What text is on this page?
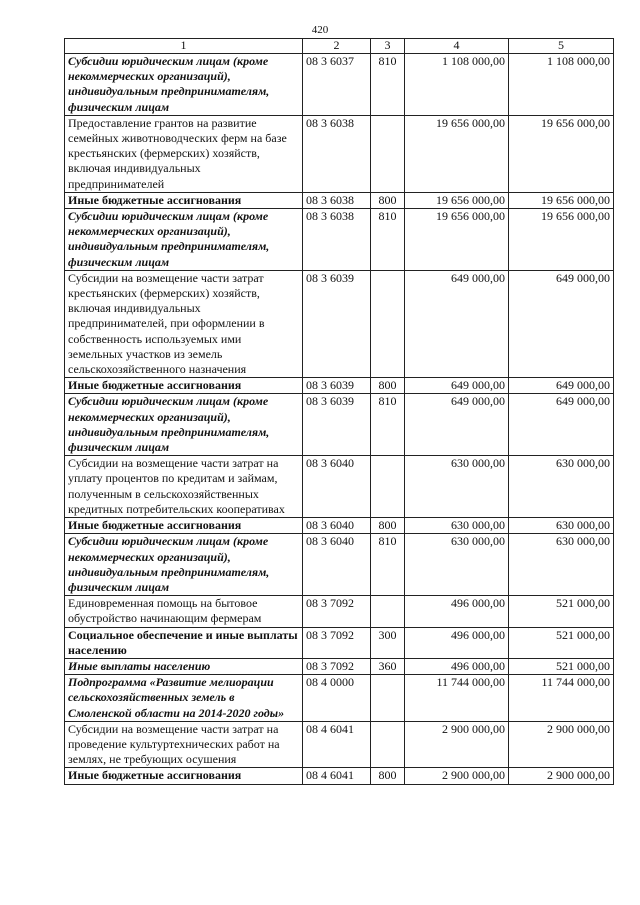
420
1	2	3	4	5
Субсидии юридическим лицам (кроме некоммерческих организаций), индивидуальным предпринимателям, физическим лицам	08 3 6037	810	1 108 000,00	1 108 000,00
Предоставление грантов на развитие семейных животноводческих ферм на базе крестьянских (фермерских) хозяйств, включая индивидуальных предпринимателей	08 3 6038		19 656 000,00	19 656 000,00
Иные бюджетные ассигнования	08 3 6038	800	19 656 000,00	19 656 000,00
Субсидии юридическим лицам (кроме некоммерческих организаций), индивидуальным предпринимателям, физическим лицам	08 3 6038	810	19 656 000,00	19 656 000,00
Субсидии на возмещение части затрат крестьянских (фермерских) хозяйств, включая индивидуальных предпринимателей, при оформлении в собственность используемых ими земельных участков из земель сельскохозяйственного назначения	08 3 6039		649 000,00	649 000,00
Иные бюджетные ассигнования	08 3 6039	800	649 000,00	649 000,00
Субсидии юридическим лицам (кроме некоммерческих организаций), индивидуальным предпринимателям, физическим лицам	08 3 6039	810	649 000,00	649 000,00
Субсидии на возмещение части затрат на уплату процентов по кредитам и займам, полученным в сельскохозяйственных кредитных потребительских кооперативах	08 3 6040		630 000,00	630 000,00
Иные бюджетные ассигнования	08 3 6040	800	630 000,00	630 000,00
Субсидии юридическим лицам (кроме некоммерческих организаций), индивидуальным предпринимателям, физическим лицам	08 3 6040	810	630 000,00	630 000,00
Единовременная помощь на бытовое обустройство начинающим фермерам	08 3 7092		496 000,00	521 000,00
Социальное обеспечение и иные выплаты населению	08 3 7092	300	496 000,00	521 000,00
Иные выплаты населению	08 3 7092	360	496 000,00	521 000,00
Подпрограмма «Развитие мелиорации сельскохозяйственных земель в Смоленской области на 2014-2020 годы»	08 4 0000		11 744 000,00	11 744 000,00
Субсидии на возмещение части затрат на проведение культуртехнических работ на землях, не требующих осушения	08 4 6041		2 900 000,00	2 900 000,00
Иные бюджетные ассигнования	08 4 6041	800	2 900 000,00	2 900 000,00
